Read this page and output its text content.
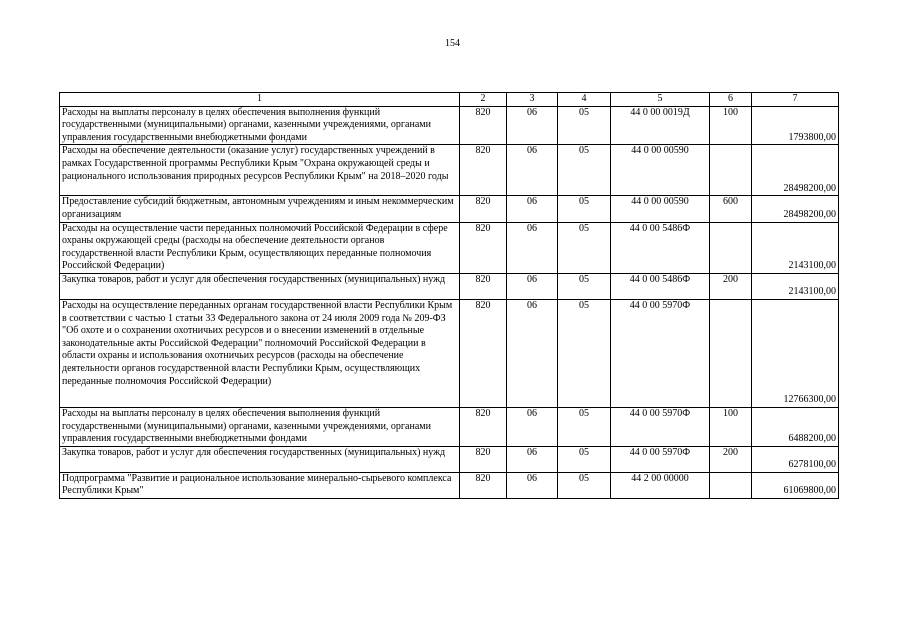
154
1	2	3	4	5	6	7
Расходы на выплаты персоналу в целях обеспечения выполнения функций государственными (муниципальными) органами, казенными учреждениями, органами управления государственными внебюджетными фондами	820	06	05	44 0 00 0019Д	100	1793800,00
Расходы на обеспечение деятельности (оказание услуг) государственных учреждений в рамках Государственной программы Республики Крым "Охрана окружающей среды и рационального использования природных ресурсов Республики Крым" на 2018–2020 годы	820	06	05	44 0 00 00590		28498200,00
Предоставление субсидий бюджетным, автономным учреждениям и иным некоммерческим организациям	820	06	05	44 0 00 00590	600	28498200,00
Расходы на осуществление части переданных полномочий Российской Федерации в сфере охраны окружающей среды (расходы на обеспечение деятельности органов государственной власти Республики Крым, осуществляющих переданные полномочия Российской Федерации)	820	06	05	44 0 00 5486Ф		2143100,00
Закупка товаров, работ и услуг для обеспечения государственных (муниципальных) нужд	820	06	05	44 0 00 5486Ф	200	2143100,00
Расходы на осуществление переданных органам государственной власти Республики Крым в соответствии с частью 1 статьи 33 Федерального закона от 24 июля 2009 года № 209-ФЗ "Об охоте и о сохранении охотничьих ресурсов и о внесении изменений в отдельные законодательные акты Российской Федерации" полномочий Российской Федерации в области охраны и использования охотничьих ресурсов (расходы на обеспечение деятельности органов государственной власти Республики Крым, осуществляющих переданные полномочия Российской Федерации)	820	06	05	44 0 00 5970Ф		12766300,00
Расходы на выплаты персоналу в целях обеспечения выполнения функций государственными (муниципальными) органами, казенными учреждениями, органами управления государственными внебюджетными фондами	820	06	05	44 0 00 5970Ф	100	6488200,00
Закупка товаров, работ и услуг для обеспечения государственных (муниципальных) нужд	820	06	05	44 0 00 5970Ф	200	6278100,00
Подпрограмма "Развитие и рациональное использование минерально-сырьевого комплекса Республики Крым"	820	06	05	44 2 00 00000		61069800,00
